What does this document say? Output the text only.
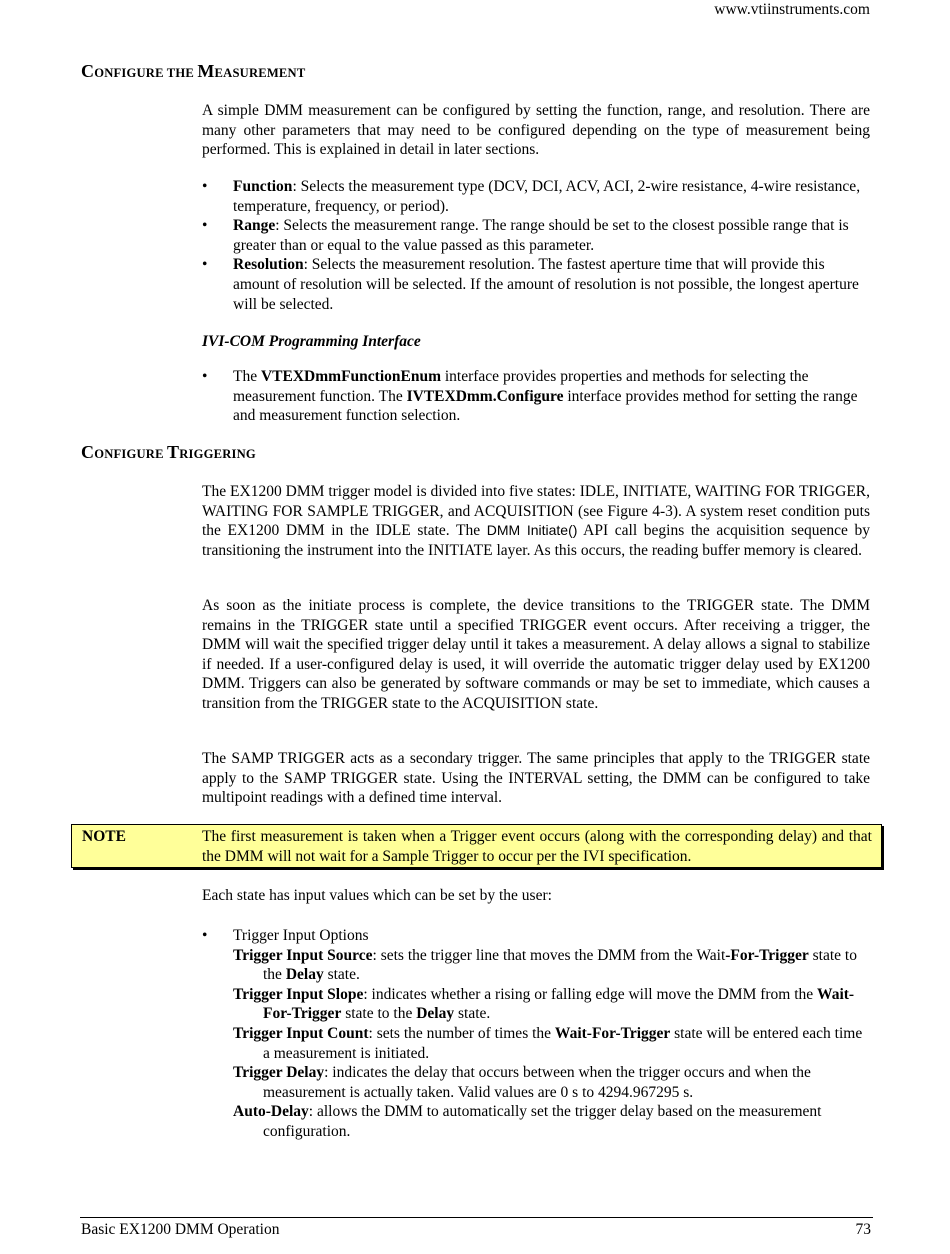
www.vtiinstruments.com
CONFIGURE THE MEASUREMENT

A simple DMM measurement can be configured by setting the function, range, and resolution. There are many other parameters that may need to be configured depending on the type of measurement being performed. This is explained in detail in later sections.

• Function: Selects the measurement type (DCV, DCI, ACV, ACI, 2-wire resistance, 4-wire resistance, temperature, frequency, or period).
• Range: Selects the measurement range. The range should be set to the closest possible range that is greater than or equal to the value passed as this parameter.
• Resolution: Selects the measurement resolution. The fastest aperture time that will provide this amount of resolution will be selected. If the amount of resolution is not possible, the longest aperture will be selected.

IVI-COM Programming Interface

• The VTEXDmmFunctionEnum interface provides properties and methods for selecting the measurement function. The IVTEXDmm.Configure interface provides method for setting the range and measurement function selection.
CONFIGURE TRIGGERING

The EX1200 DMM trigger model is divided into five states: IDLE, INITIATE, WAITING FOR TRIGGER, WAITING FOR SAMPLE TRIGGER, and ACQUISITION (see Figure 4-3). A system reset condition puts the EX1200 DMM in the IDLE state. The DMM Initiate() API call begins the acquisition sequence by transitioning the instrument into the INITIATE layer. As this occurs, the reading buffer memory is cleared.

As soon as the initiate process is complete, the device transitions to the TRIGGER state. The DMM remains in the TRIGGER state until a specified TRIGGER event occurs. After receiving a trigger, the DMM will wait the specified trigger delay until it takes a measurement. A delay allows a signal to stabilize if needed. If a user-configured delay is used, it will override the automatic trigger delay used by EX1200 DMM. Triggers can also be generated by software commands or may be set to immediate, which causes a transition from the TRIGGER state to the ACQUISITION state.

The SAMP TRIGGER acts as a secondary trigger. The same principles that apply to the TRIGGER state apply to the SAMP TRIGGER state. Using the INTERVAL setting, the DMM can be configured to take multipoint readings with a defined time interval.

NOTE	The first measurement is taken when a Trigger event occurs (along with the corresponding delay) and that the DMM will not wait for a Sample Trigger to occur per the IVI specification.

Each state has input values which can be set by the user:

• Trigger Input Options
Trigger Input Source: sets the trigger line that moves the DMM from the Wait-For-Trigger state to the Delay state.
Trigger Input Slope: indicates whether a rising or falling edge will move the DMM from the Wait-For-Trigger state to the Delay state.
Trigger Input Count: sets the number of times the Wait-For-Trigger state will be entered each time a measurement is initiated.
Trigger Delay: indicates the delay that occurs between when the trigger occurs and when the measurement is actually taken. Valid values are 0 s to 4294.967295 s.
Auto-Delay: allows the DMM to automatically set the trigger delay based on the measurement configuration.
Basic EX1200 DMM Operation	73
